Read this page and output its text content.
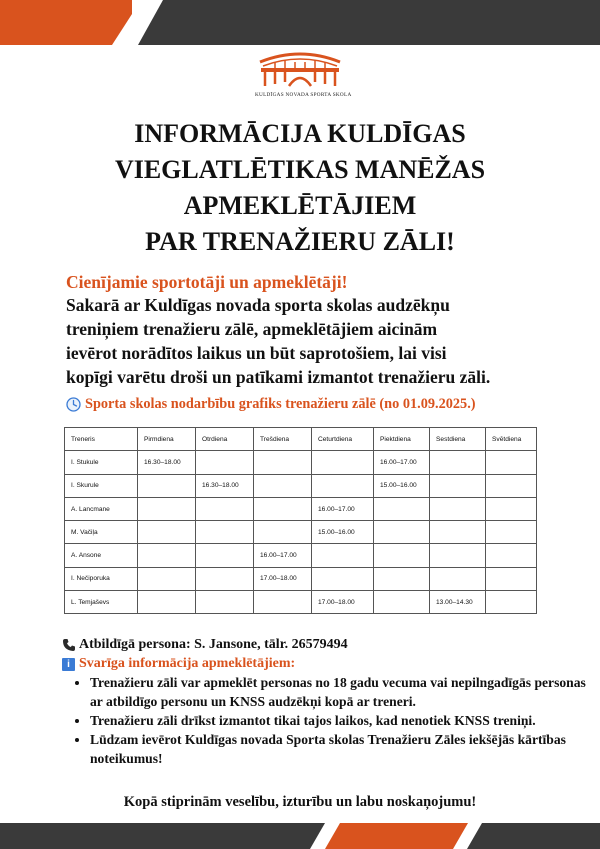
KULDĪGAS NOVADA SPORTA SKOLA
INFORMĀCIJA KULDĪGAS
VIEGLATLĒTIKAS MANĒŽAS
APMEKLĒTĀJIEM
PAR TRENAŽIERU ZĀLI!
Cienījamie sportotāji un apmeklētāji!
Sakarā ar Kuldīgas novada sporta skolas audzēkņu
treniņiem trenažieru zālē, apmeklētājiem aicinām
ievērot norādītos laikus un būt saprotošiem, lai visi
kopīgi varētu droši un patīkami izmantot trenažieru zāli.
Sporta skolas nodarbību grafiks trenažieru zālē (no 01.09.2025.)
Treneris	Pirmdiena	Otrdiena	Trešdiena	Ceturtdiena	Piektdiena	Sestdiena	Svētdiena
I. Stukule	16.30–18.00				16.00–17.00		
I. Skurule		16.30–18.00			15.00–16.00		
A. Lancmane				16.00–17.00			
M. Vačiļa				15.00–16.00			
A. Ansone			16.00–17.00				
I. Nečiporuka			17.00–18.00				
L. Temjaševs				17.00–18.00		13.00–14.30	
Atbildīgā persona: S. Jansone, tālr. 26579494
i Svarīga informācija apmeklētājiem:
• Trenažieru zāli var apmeklēt personas no 18 gadu vecuma vai nepilngadīgās personas ar atbildīgo personu un KNSS audzēkņi kopā ar treneri.
• Trenažieru zāli drīkst izmantot tikai tajos laikos, kad nenotiek KNSS treniņi.
• Lūdzam ievērot Kuldīgas novada Sporta skolas Trenažieru Zāles iekšējās kārtības noteikumus!
Kopā stiprinām veselību, izturību un labu noskaņojumu!
